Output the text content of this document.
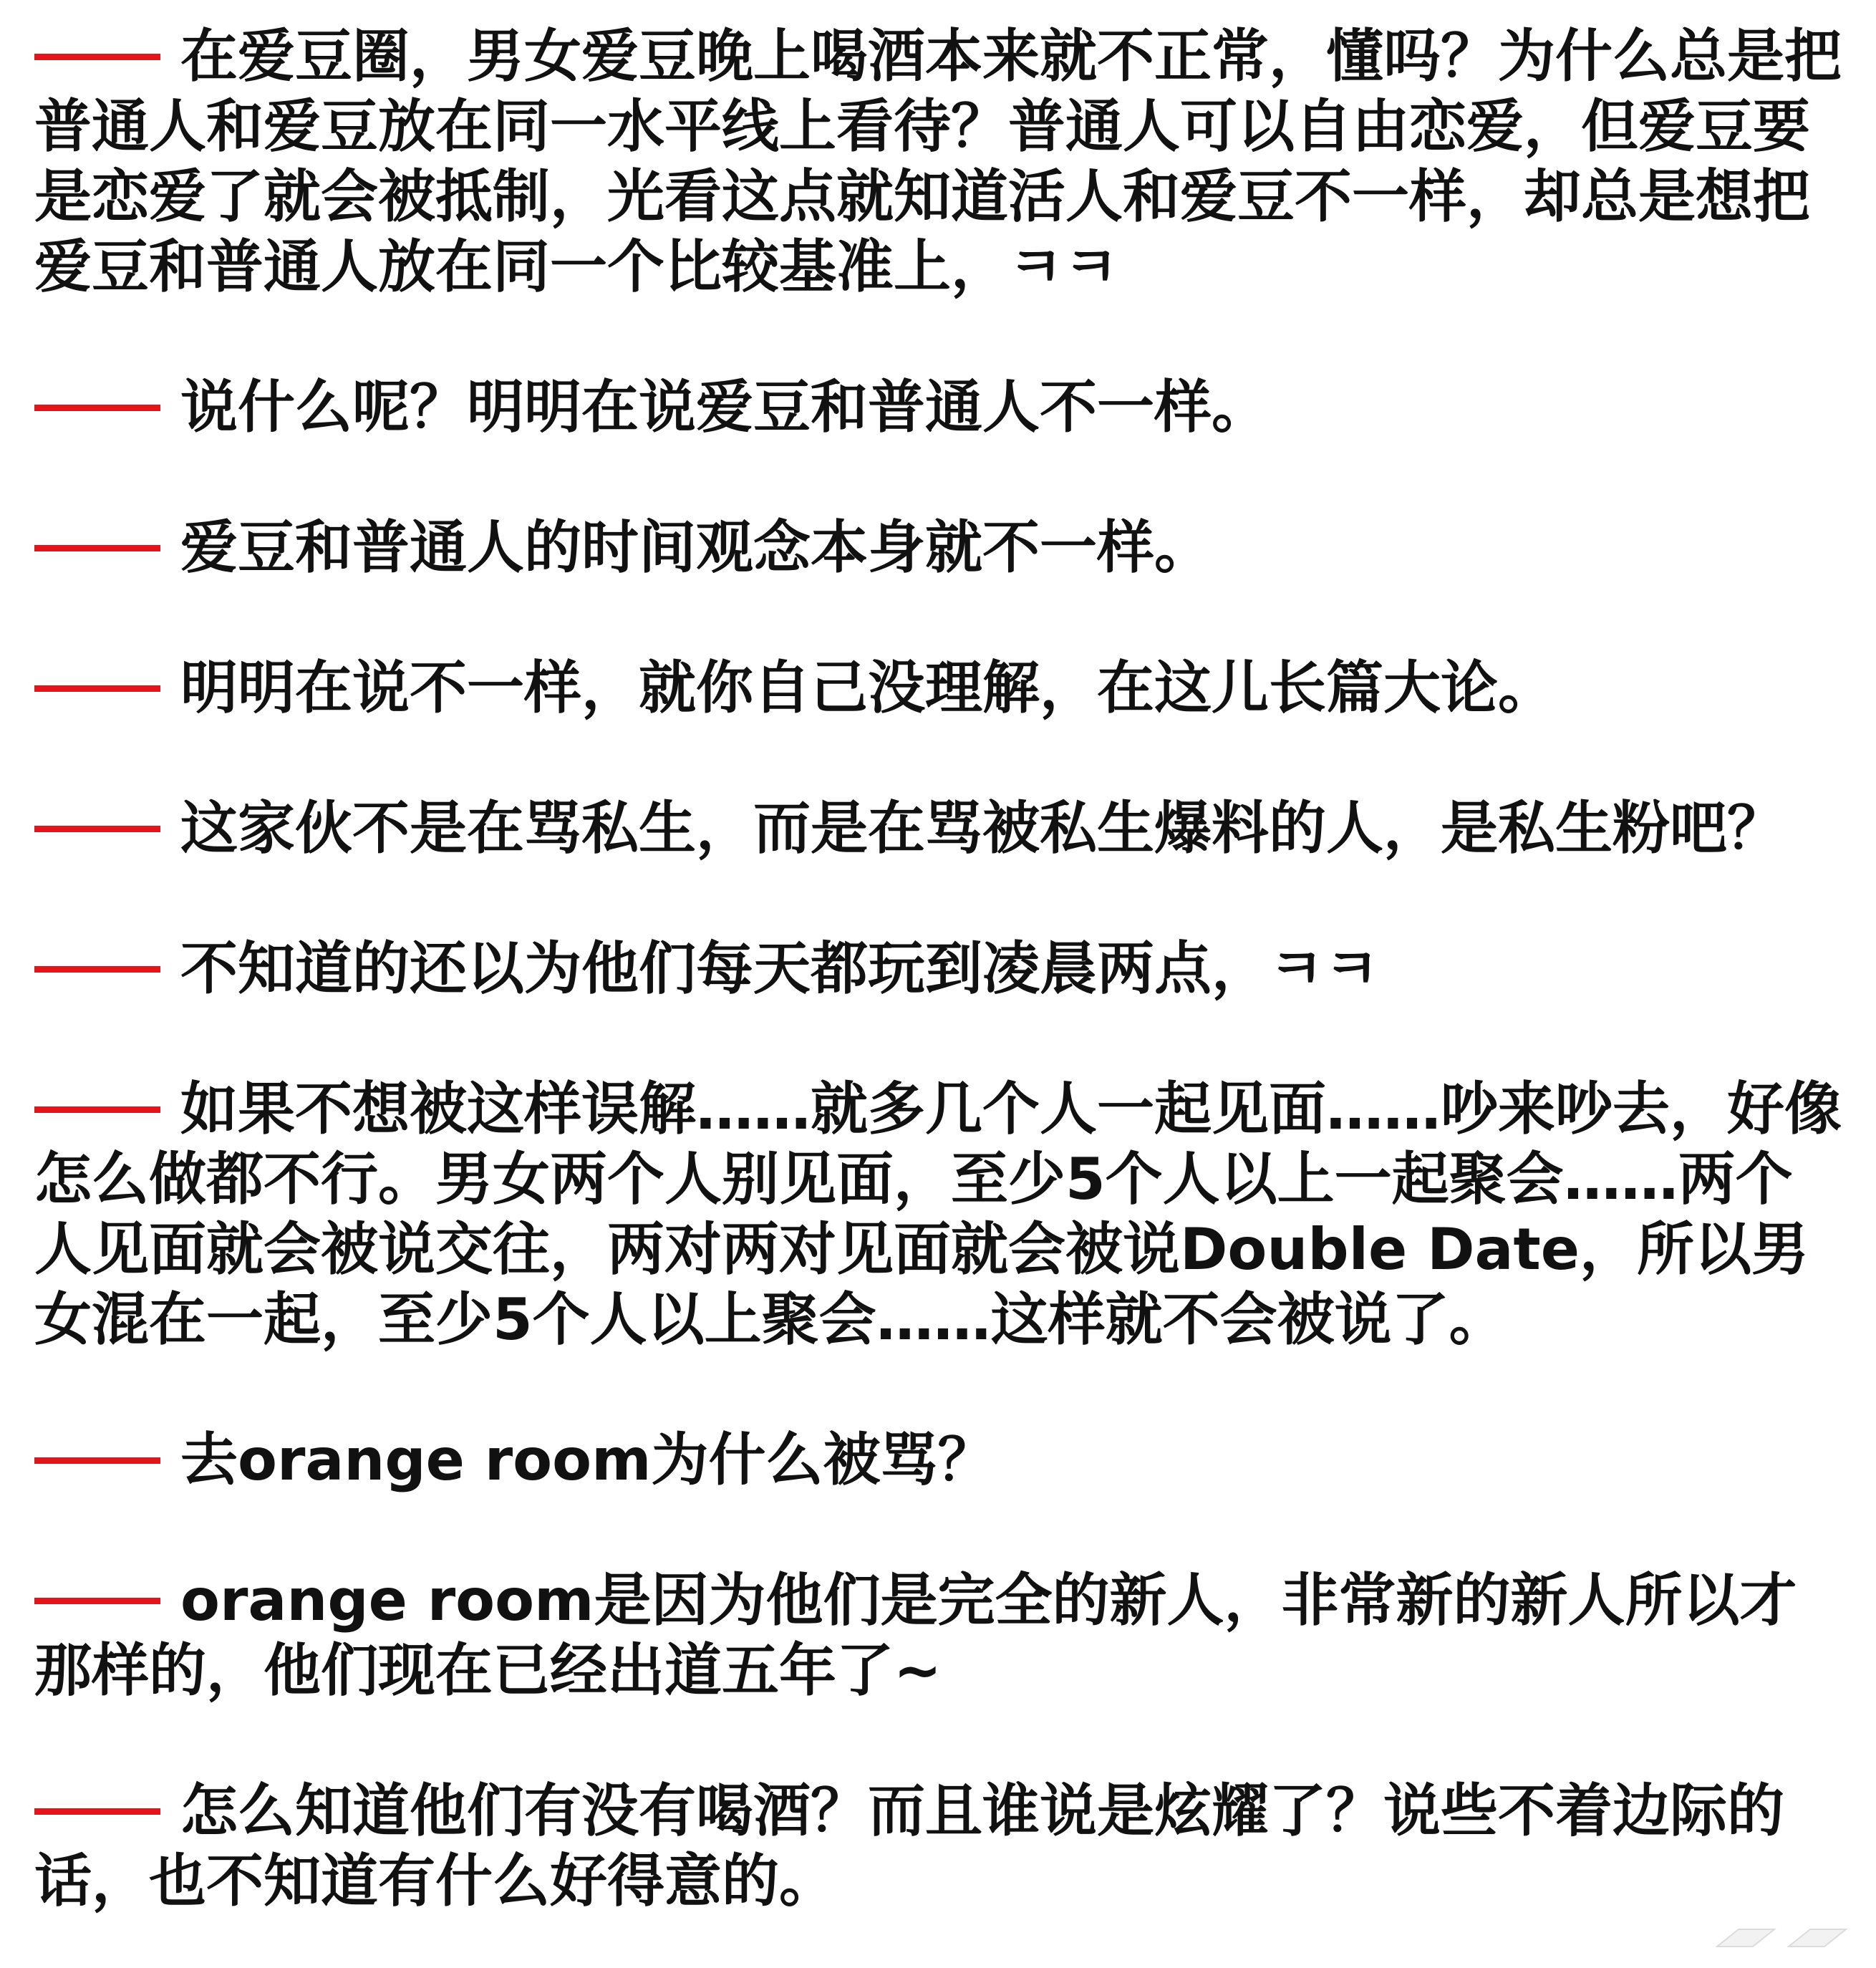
在爱豆圈，男女爱豆晚上喝酒本来就不正常，懂吗？为什么总是把普通人和爱豆放在同一水平线上看待？普通人可以自由恋爱，但爱豆要是恋爱了就会被抵制，光看这点就知道活人和爱豆不一样，却总是想把爱豆和普通人放在同一个比较基准上，ㅋㅋ

说什么呢？明明在说爱豆和普通人不一样。

爱豆和普通人的时间观念本身就不一样。

明明在说不一样，就你自己没理解，在这儿长篇大论。

这家伙不是在骂私生，而是在骂被私生爆料的人，是私生粉吧？

不知道的还以为他们每天都玩到凌晨两点，ㅋㅋ

如果不想被这样误解……就多几个人一起见面……吵来吵去，好像怎么做都不行。男女两个人别见面，至少5个人以上一起聚会……两个人见面就会被说交往，两对两对见面就会被说Double Date，所以男女混在一起，至少5个人以上聚会……这样就不会被说了。

去orange room为什么被骂？

orange room是因为他们是完全的新人，非常新的新人所以才那样的，他们现在已经出道五年了~

怎么知道他们有没有喝酒？而且谁说是炫耀了？说些不着边际的话，也不知道有什么好得意的。
